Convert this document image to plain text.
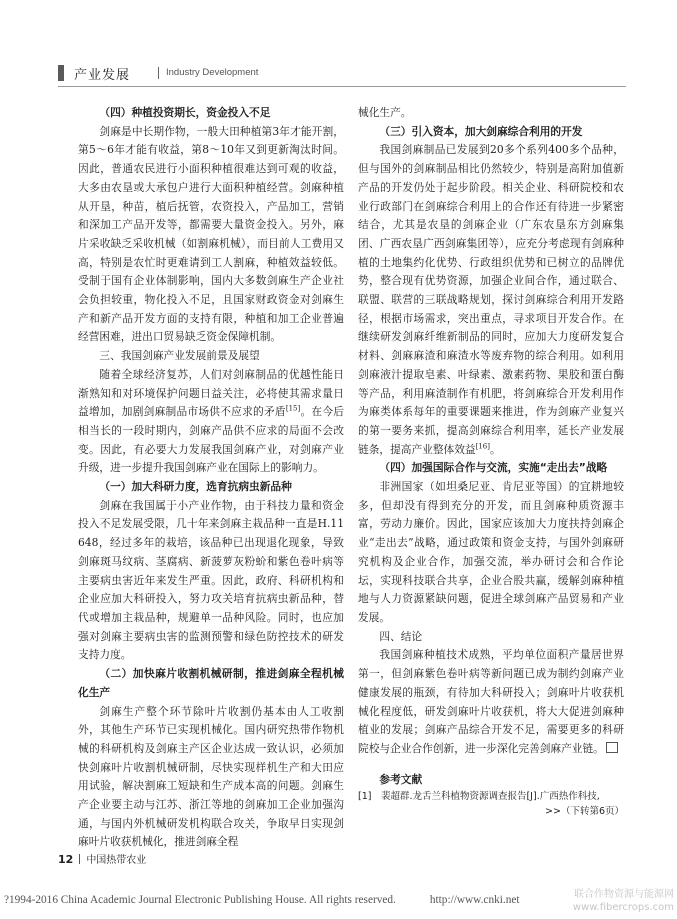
产业发展	Industry Development

（四）种植投资期长，资金投入不足

剑麻是中长期作物，一般大田种植第3年才能开割，第5～6年才能有收益，第8～10年又到更新淘汰时间。因此，普通农民进行小面积种植很难达到可观的收益，大多由农垦或大承包户进行大面积种植经营。剑麻种植从开垦，种苗，植后抚管，农资投入，产品加工，营销和深加工产品开发等，都需要大量资金投入。另外，麻片采收缺乏采收机械（如割麻机械），而目前人工费用又高，特别是农忙时更难请到工人割麻，种植效益较低。受制于国有企业体制影响，国内大多数剑麻生产企业社会负担较重，物化投入不足，且国家财政资金对剑麻生产和新产品开发方面的支持有限，种植和加工企业普遍经营困难，进出口贸易缺乏资金保障机制。

三、我国剑麻产业发展前景及展望

随着全球经济复苏，人们对剑麻制品的优越性能日渐熟知和对环境保护问题日益关注，必将使其需求量日益增加，加剧剑麻制品市场供不应求的矛盾[15]。在今后相当长的一段时期内，剑麻产品供不应求的局面不会改变。因此，有必要大力发展我国剑麻产业，对剑麻产业升级，进一步提升我国剑麻产业在国际上的影响力。

（一）加大科研力度，选育抗病虫新品种

剑麻在我国属于小产业作物，由于科技力量和资金投入不足发展受限，几十年来剑麻主栽品种一直是H.11648，经过多年的栽培，该品种已出现退化现象，导致剑麻斑马纹病、茎腐病、新菠萝灰粉蚧和紫色卷叶病等主要病虫害近年来发生严重。因此，政府、科研机构和企业应加大科研投入，努力攻关培育抗病虫新品种，替代或增加主栽品种，规避单一品种风险。同时，也应加强对剑麻主要病虫害的监测预警和绿色防控技术的研发支持力度。

（二）加快麻片收割机械研制，推进剑麻全程机械化生产

剑麻生产整个环节除叶片收割仍基本由人工收割外，其他生产环节已实现机械化。国内研究热带作物机械的科研机构及剑麻主产区企业达成一致认识，必须加快剑麻叶片收割机械研制，尽快实现样机生产和大田应用试验，解决割麻工短缺和生产成本高的问题。剑麻生产企业要主动与江苏、浙江等地的剑麻加工企业加强沟通，与国内外机械研发机构联合攻关，争取早日实现剑麻叶片收获机械化，推进剑麻全程

械化生产。

（三）引入资本，加大剑麻综合利用的开发

我国剑麻制品已发展到20多个系列400多个品种，但与国外的剑麻制品相比仍然较少，特别是高附加值新产品的开发仍处于起步阶段。相关企业、科研院校和农业行政部门在剑麻综合利用上的合作还有待进一步紧密结合，尤其是农垦的剑麻企业（广东农垦东方剑麻集团、广西农垦广西剑麻集团等），应充分考虑现有剑麻种植的土地集约化优势、行政组织优势和已树立的品牌优势，整合现有优势资源，加强企业间合作，通过联合、联盟、联营的三联战略规划，探讨剑麻综合利用开发路径，根据市场需求，突出重点，寻求项目开发合作。在继续研发剑麻纤维新制品的同时，应加大力度研发复合材料、剑麻麻渣和麻渣水等废弃物的综合利用。如利用剑麻液汁提取皂素、叶绿素、激素药物、果胶和蛋白酶等产品，利用麻渣制作有机肥，将剑麻综合开发利用作为麻类体系每年的重要课题来推进，作为剑麻产业复兴的第一要务来抓，提高剑麻综合利用率，延长产业发展链条，提高产业整体效益[16]。

（四）加强国际合作与交流，实施“走出去”战略

非洲国家（如坦桑尼亚、肯尼亚等国）的宜耕地较多，但却没有得到充分的开发，而且剑麻种质资源丰富，劳动力廉价。因此，国家应该加大力度扶持剑麻企业“走出去”战略，通过政策和资金支持，与国外剑麻研究机构及企业合作，加强交流，举办研讨会和合作论坛，实现科技联合共享，企业合股共赢，缓解剑麻种植地与人力资源紧缺问题，促进全球剑麻产品贸易和产业发展。

四、结论

我国剑麻种植技术成熟，平均单位面积产量居世界第一，但剑麻紫色卷叶病等新问题已成为制约剑麻产业健康发展的瓶颈，有待加大科研投入；剑麻叶片收获机械化程度低，研发剑麻叶片收获机，将大大促进剑麻种植业的发展；剑麻产品综合开发不足，需要更多的科研院校与企业合作创新，进一步深化完善剑麻产业链。

参考文献

[1]　裴超群.龙舌兰科植物资源调查报告[J].广西热作科技,

>>（下转第6页）

12 中国热带农业
?1994-2016 China Academic Journal Electronic Publishing House. All rights reserved.	http://www.cnki.net	联合作物资源与能源网
www.fibercrops.com
